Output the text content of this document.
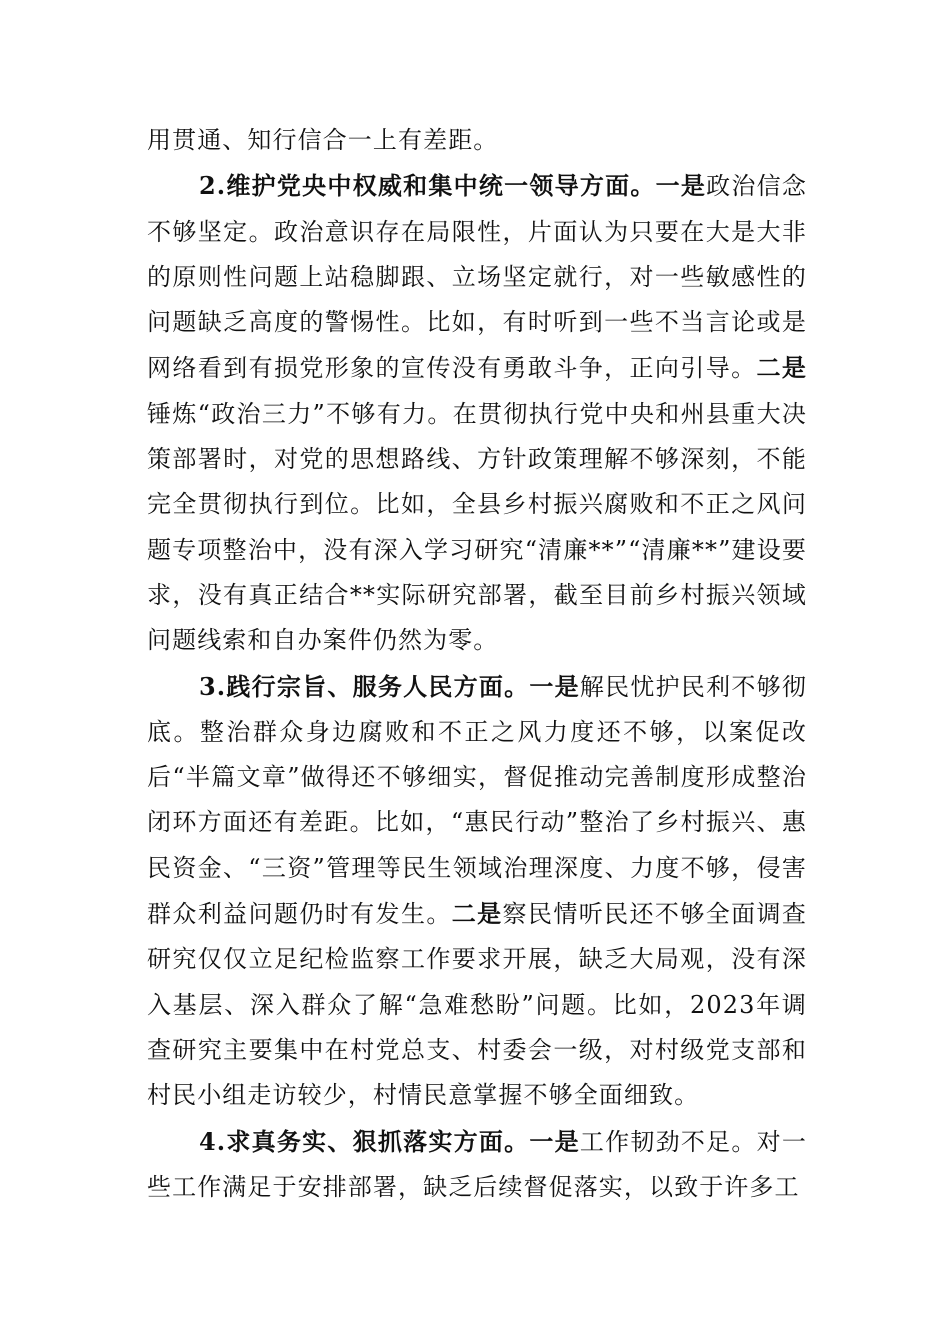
用贯通、知行信合一上有差距。

2.维护党央中权威和集中统一领导方面。一是政治信念不够坚定。政治意识存在局限性，片面认为只要在大是大非的原则性问题上站稳脚跟、立场坚定就行，对一些敏感性的问题缺乏高度的警惕性。比如，有时听到一些不当言论或是网络看到有损党形象的宣传没有勇敢斗争，正向引导。二是锤炼“政治三力”不够有力。在贯彻执行党中央和州县重大决策部署时，对党的思想路线、方针政策理解不够深刻，不能完全贯彻执行到位。比如，全县乡村振兴腐败和不正之风问题专项整治中，没有深入学习研究“清廉**”“清廉**”建设要求，没有真正结合**实际研究部署，截至目前乡村振兴领域问题线索和自办案件仍然为零。

3.践行宗旨、服务人民方面。一是解民忧护民利不够彻底。整治群众身边腐败和不正之风力度还不够，以案促改后“半篇文章”做得还不够细实，督促推动完善制度形成整治闭环方面还有差距。比如，“惠民行动”整治了乡村振兴、惠民资金、“三资”管理等民生领域治理深度、力度不够，侵害群众利益问题仍时有发生。二是察民情听民还不够全面调查研究仅仅立足纪检监察工作要求开展，缺乏大局观，没有深入基层、深入群众了解“急难愁盼”问题。比如，2023年调查研究主要集中在村党总支、村委会一级，对村级党支部和村民小组走访较少，村情民意掌握不够全面细致。

4.求真务实、狠抓落实方面。一是工作韧劲不足。对一些工作满足于安排部署，缺乏后续督促落实，以致于许多工
